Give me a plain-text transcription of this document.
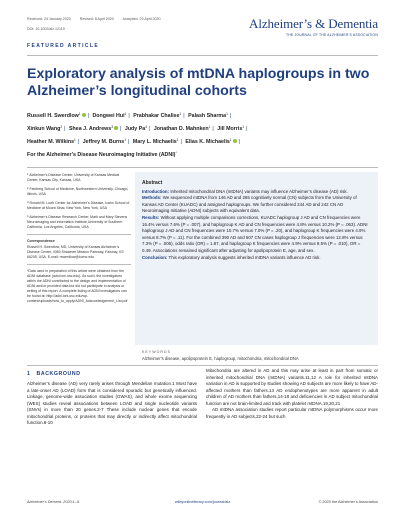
Received: 24 January 2020	Revised: 8 April 2020 Accepted: 29 April 2020
DOI: 10.1002/alz.12119	Alzheimer’s & Dementia
THE JOURNAL OF THE ALZHEIMER’S ASSOCIATION
FEATURED ARTICLE
Exploratory analysis of mtDNA haplogroups in two Alzheimer’s longitudinal cohorts
Russell H. Swerdlow$^1$ | Dongwei Hui$^1$ | Prabhakar Chalise$^1$ | Palash Sharma$^1$ |
Xinkun Wang$^2$ | Shea J. Andrews$^3$ | Judy Pa$^4$ | Jonathan D. Mahnken$^1$ | Jill Morris$^1$ |
Heather M. Wilkins$^1$ | Jeffrey M. Burns$^1$ | Mary L. Michaelis$^1$ | Elias K. Michaelis$^1$ |
For the Alzheimer’s Disease Neuroimaging Initiative (ADNI)*
$^1$ Alzheimer’s Disease Center, University of Kansas Medical Center, Kansas City, Kansas, USA
$^2$ Feinberg School of Medicine, Northwestern University, Chicago, Illinois, USA
$^3$ Ronald M. Loeb Center for Alzheimer’s Disease, Icahn School of Medicine at Mount Sinai, New York, New York, USA
$^4$ Alzheimer’s Disease Research Center, Mark and Mary Stevens Neuroimaging and Informatics Institute,University of Southern California, Los Angeles, California, USA
Correspondence
Russell H. Swerdlow, MD, University of Kansas Alzheimer’s Disease Center, 4350 Shawnee Mission Parkway, Fairway, KS 66205, USA. E-mail: rswerdlow@kumc.edu
*Data used in preparation of this article were obtained from the ADNI database (adni.loni.usc.edu). As such, the investigators within the ADNI contributed to the design and implementation of ADNI and/or provided data but did not participate in analysis or writing of this report. A complete listing of ADNI investigators can be found at: http://adni.loni.usc.edu/wp-content/uploads/how_to_apply/ADNI_Acknowledgement_List.pdf
Abstract

Introduction: Inherited mitochondrial DNA (mtDNA) variants may influence Alzheimer’s disease (AD) risk.

Methods: We sequenced mtDNA from 146 AD and 265 cognitively normal (CN) subjects from the University of Kansas AD Center (KUADC) and assigned haplogroups. We further considered 244 AD and 242 CN AD Neuroimaging Initiative (ADNI) subjects with equivalent data.

Results: Without applying multiple comparisons corrections, KUADC haplogroup J AD and CN frequencies were 16.4% versus 7.6% (P = .007), and haplogroup K AD and CN frequencies were 4.8% versus 10.2% (P = .063). ADNI haplogroup J AD and CN frequencies were 10.7% versus 7.0% (P = .20), and haplogroup K frequencies were 4.9% versus 8.7% (P = .11). For the combined 390 AD and 507 CN cases haplogroup J frequencies were 12.8% versus 7.3% (P = .006), odds ratio (OR) = 1.87, and haplogroup K frequencies were 4.9% versus 9.5% (P = .010), OR = 0.49. Associations remained significant after adjusting for apolipoprotein E, age, and sex.

Conclusion: This exploratory analysis suggests inherited mtDNA variants influence AD risk.

KEYWORDS
Alzheimer’s disease, apolipoprotein E, haplogroup, mitochondria, mitochondrial DNA
1 BACKGROUND
Alzheimer’s disease (AD) very rarely arises through Mendelian mutation.1 Most have a late-onset AD (LOAD) form that is considered sporadic but genetically influenced. Linkage, genome-wide association studies (GWAS), and whole exome sequencing (WES) studies reveal associations between LOAD and single nucleotide variants (SNVs) in more than 20 genes.2-7 These include nuclear genes that encode mitochondrial proteins, or proteins that may directly or indirectly affect mitochondrial function.8-10

Mitochondria are altered in AD and this may arise at least in part from somatic or inherited mitochondrial DNA (mtDNA) variants.11,12 A role for inherited mtDNA variation in AD is supported by studies showing AD subjects are more likely to have AD-affected mothers than fathers.13 AD endophenotypes are more apparent in adult children of AD mothers than fathers,14-18 and deficiencies in AD subject mitochondrial function are not brain-limited and track with platelet mtDNA.19,20,21

AD mtDNA association studies report particular mtDNA polymorphisms occur more frequently in AD subjects,22-24 but such

Alzheimer’s Dement. 2020;1–9.	wileyonlinelibrary.com/journal/alz	© 2020 the Alzheimer’s Association
